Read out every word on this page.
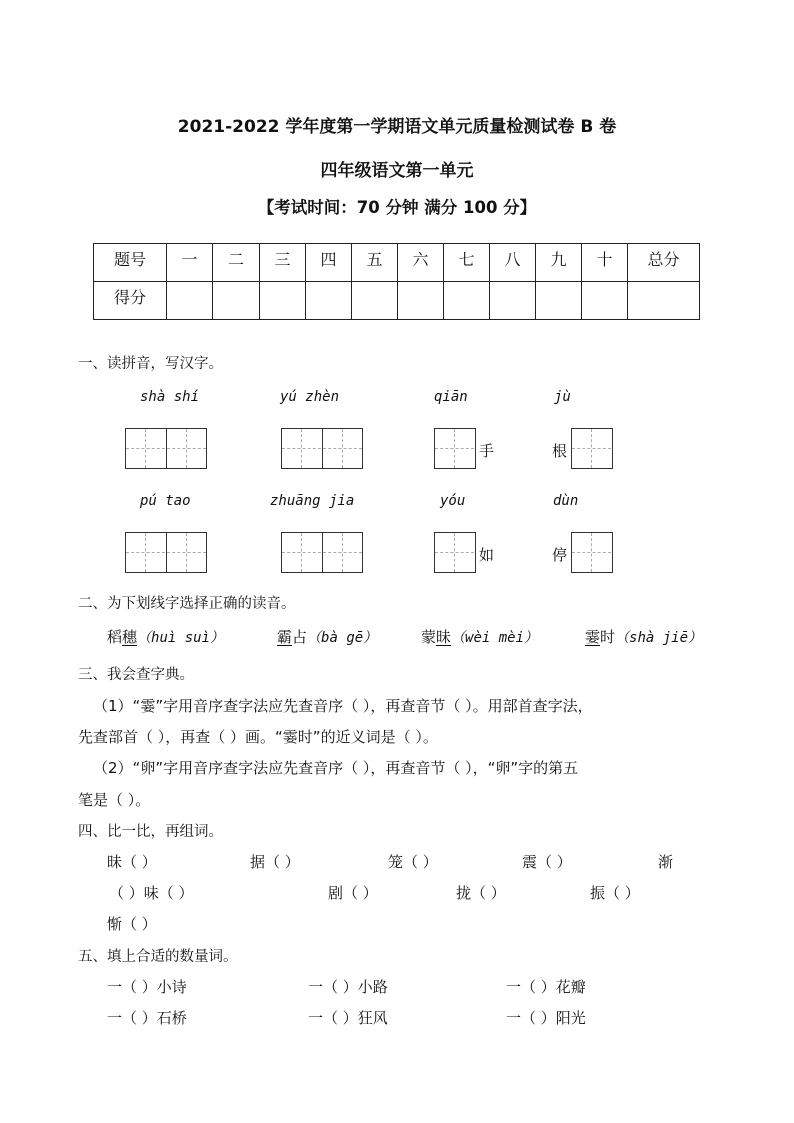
2021-2022 学年度第一学期语文单元质量检测试卷 B 卷
四年级语文第一单元
【考试时间：70 分钟 满分 100 分】
题号	一	二	三	四	五	六	七	八	九	十	总分
得分											
一、读拼音，写汉字。
shà shí	yú zhèn	qiān	jù
手	根
pú tao	zhuāng jia	yóu	dùn
如	停
二、为下划线字选择正确的读音。
稻穗（huì suì）	霸占（bà gē）	蒙昧（wèi mèi）	霎时（shà jiē）
三、我会查字典。
（1）“霎”字用音序查字法应先查音序（ ），再查音节（ ）。用部首查字法，
先查部首（ ），再查（ ）画。“霎时”的近义词是（ ）。
（2）“卵”字用音序查字法应先查音序（ ），再查音节（ ），“卵”字的第五
笔是（ ）。
四、比一比，再组词。
昧（ ）	据（ ）	笼（ ）	震（ ）	渐
（ ）味（ ）	剧（ ）	拢（ ）	振（ ）
惭（ ）
五、填上合适的数量词。
一（ ）小诗	一（ ）小路	一（ ）花瓣
一（ ）石桥	一（ ）狂风	一（ ）阳光
